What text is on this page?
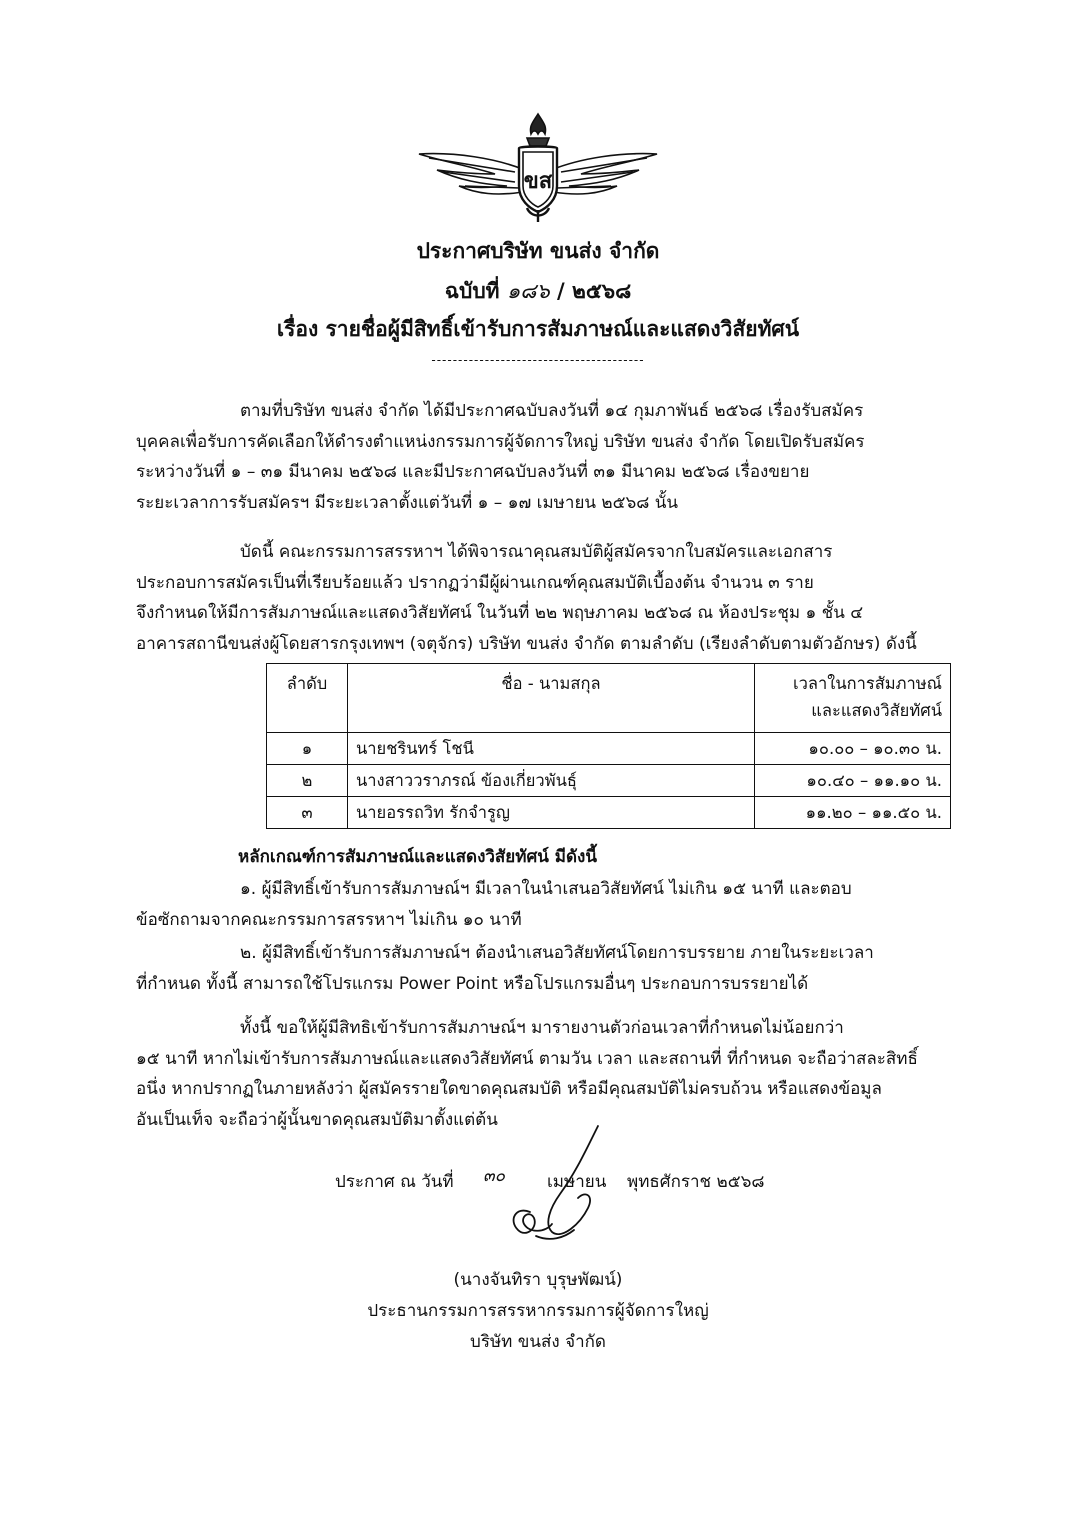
ขส
ประกาศบริษัท ขนส่ง จำกัด
ฉบับที่ ๑๘๖ / ๒๕๖๘
เรื่อง รายชื่อผู้มีสิทธิ์เข้ารับการสัมภาษณ์และแสดงวิสัยทัศน์
----------------------------------------
ตามที่บริษัท ขนส่ง จำกัด ได้มีประกาศฉบับลงวันที่ ๑๔ กุมภาพันธ์ ๒๕๖๘ เรื่องรับสมัคร
บุคคลเพื่อรับการคัดเลือกให้ดำรงตำแหน่งกรรมการผู้จัดการใหญ่ บริษัท ขนส่ง จำกัด โดยเปิดรับสมัคร
ระหว่างวันที่ ๑ – ๓๑ มีนาคม ๒๕๖๘ และมีประกาศฉบับลงวันที่ ๓๑ มีนาคม ๒๕๖๘ เรื่องขยาย
ระยะเวลาการรับสมัครฯ มีระยะเวลาตั้งแต่วันที่ ๑ – ๑๗ เมษายน ๒๕๖๘ นั้น
บัดนี้ คณะกรรมการสรรหาฯ ได้พิจารณาคุณสมบัติผู้สมัครจากใบสมัครและเอกสาร
ประกอบการสมัครเป็นที่เรียบร้อยแล้ว ปรากฏว่ามีผู้ผ่านเกณฑ์คุณสมบัติเบื้องต้น จำนวน ๓ ราย
จึงกำหนดให้มีการสัมภาษณ์และแสดงวิสัยทัศน์ ในวันที่ ๒๒ พฤษภาคม ๒๕๖๘ ณ ห้องประชุม ๑ ชั้น ๔
อาคารสถานีขนส่งผู้โดยสารกรุงเทพฯ (จตุจักร) บริษัท ขนส่ง จำกัด ตามลำดับ (เรียงลำดับตามตัวอักษร) ดังนี้
ลำดับ	ชื่อ - นามสกุล	เวลาในการสัมภาษณ์
และแสดงวิสัยทัศน์

๑	นายชรินทร์ โชนี	๑๐.๐๐ – ๑๐.๓๐ น.
๒	นางสาววราภรณ์ ข้องเกี่ยวพันธุ์	๑๐.๔๐ – ๑๑.๑๐ น.
๓	นายอรรถวิท รักจำรูญ	๑๑.๒๐ – ๑๑.๕๐ น.
หลักเกณฑ์การสัมภาษณ์และแสดงวิสัยทัศน์ มีดังนี้
๑. ผู้มีสิทธิ์เข้ารับการสัมภาษณ์ฯ มีเวลาในนำเสนอวิสัยทัศน์ ไม่เกิน ๑๕ นาที และตอบ
ข้อซักถามจากคณะกรรมการสรรหาฯ ไม่เกิน ๑๐ นาที
๒. ผู้มีสิทธิ์เข้ารับการสัมภาษณ์ฯ ต้องนำเสนอวิสัยทัศน์โดยการบรรยาย ภายในระยะเวลา
ที่กำหนด ทั้งนี้ สามารถใช้โปรแกรม Power Point หรือโปรแกรมอื่นๆ ประกอบการบรรยายได้
ทั้งนี้ ขอให้ผู้มีสิทธิเข้ารับการสัมภาษณ์ฯ มารายงานตัวก่อนเวลาที่กำหนดไม่น้อยกว่า
๑๕ นาที หากไม่เข้ารับการสัมภาษณ์และแสดงวิสัยทัศน์ ตามวัน เวลา และสถานที่ ที่กำหนด จะถือว่าสละสิทธิ์
อนึ่ง หากปรากฏในภายหลังว่า ผู้สมัครรายใดขาดคุณสมบัติ หรือมีคุณสมบัติไม่ครบถ้วน หรือแสดงข้อมูล
อันเป็นเท็จ จะถือว่าผู้นั้นขาดคุณสมบัติมาตั้งแต่ต้น
ประกาศ ณ วันที่ ๓๐ เมษายน พุทธศักราช ๒๕๖๘
(นางจันทิรา บุรุษพัฒน์)
ประธานกรรมการสรรหากรรมการผู้จัดการใหญ่
บริษัท ขนส่ง จำกัด
